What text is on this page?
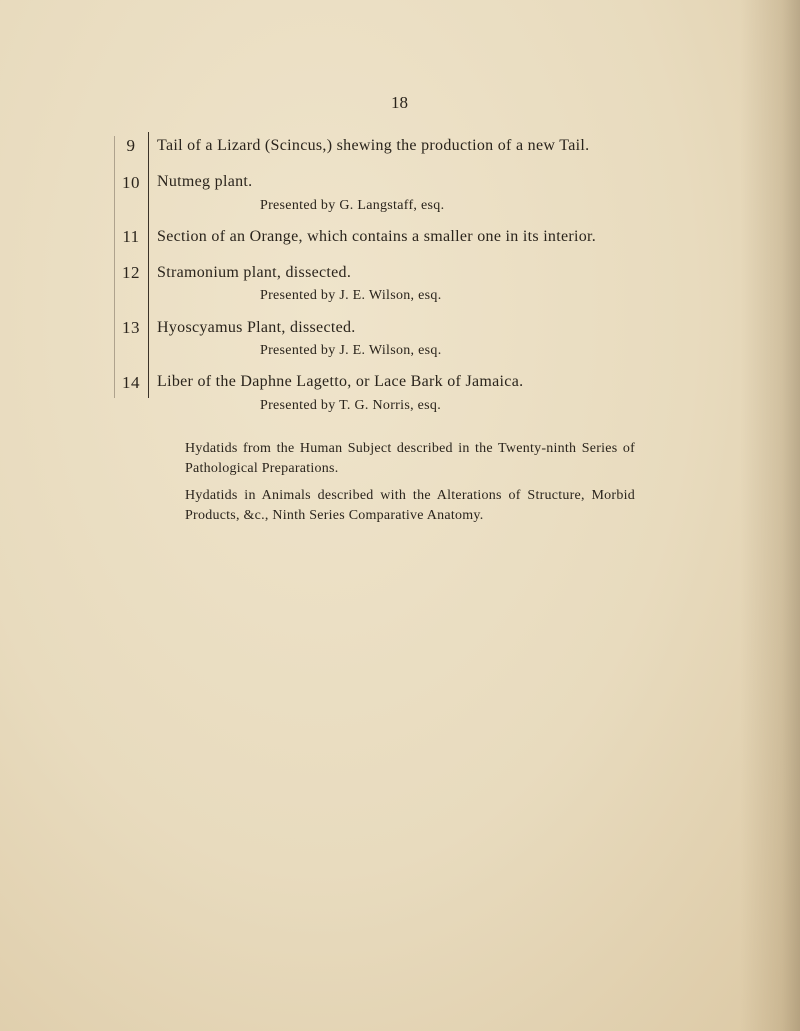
18
9	Tail of a Lizard (Scincus,) shewing the production of a new Tail.
10	Nutmeg plant.
Presented by G. Langstaff, esq.
11	Section of an Orange, which contains a smaller one in its interior.
12	Stramonium plant, dissected.
Presented by J. E. Wilson, esq.
13	Hyoscyamus Plant, dissected.
Presented by J. E. Wilson, esq.
14	Liber of the Daphne Lagetto, or Lace Bark of Jamaica.
Presented by T. G. Norris, esq.
Hydatids from the Human Subject described in the Twenty-ninth Series of
Pathological Preparations.
Hydatids in Animals described with the Alterations of Structure, Morbid
Products, &c., Ninth Series Comparative Anatomy.
